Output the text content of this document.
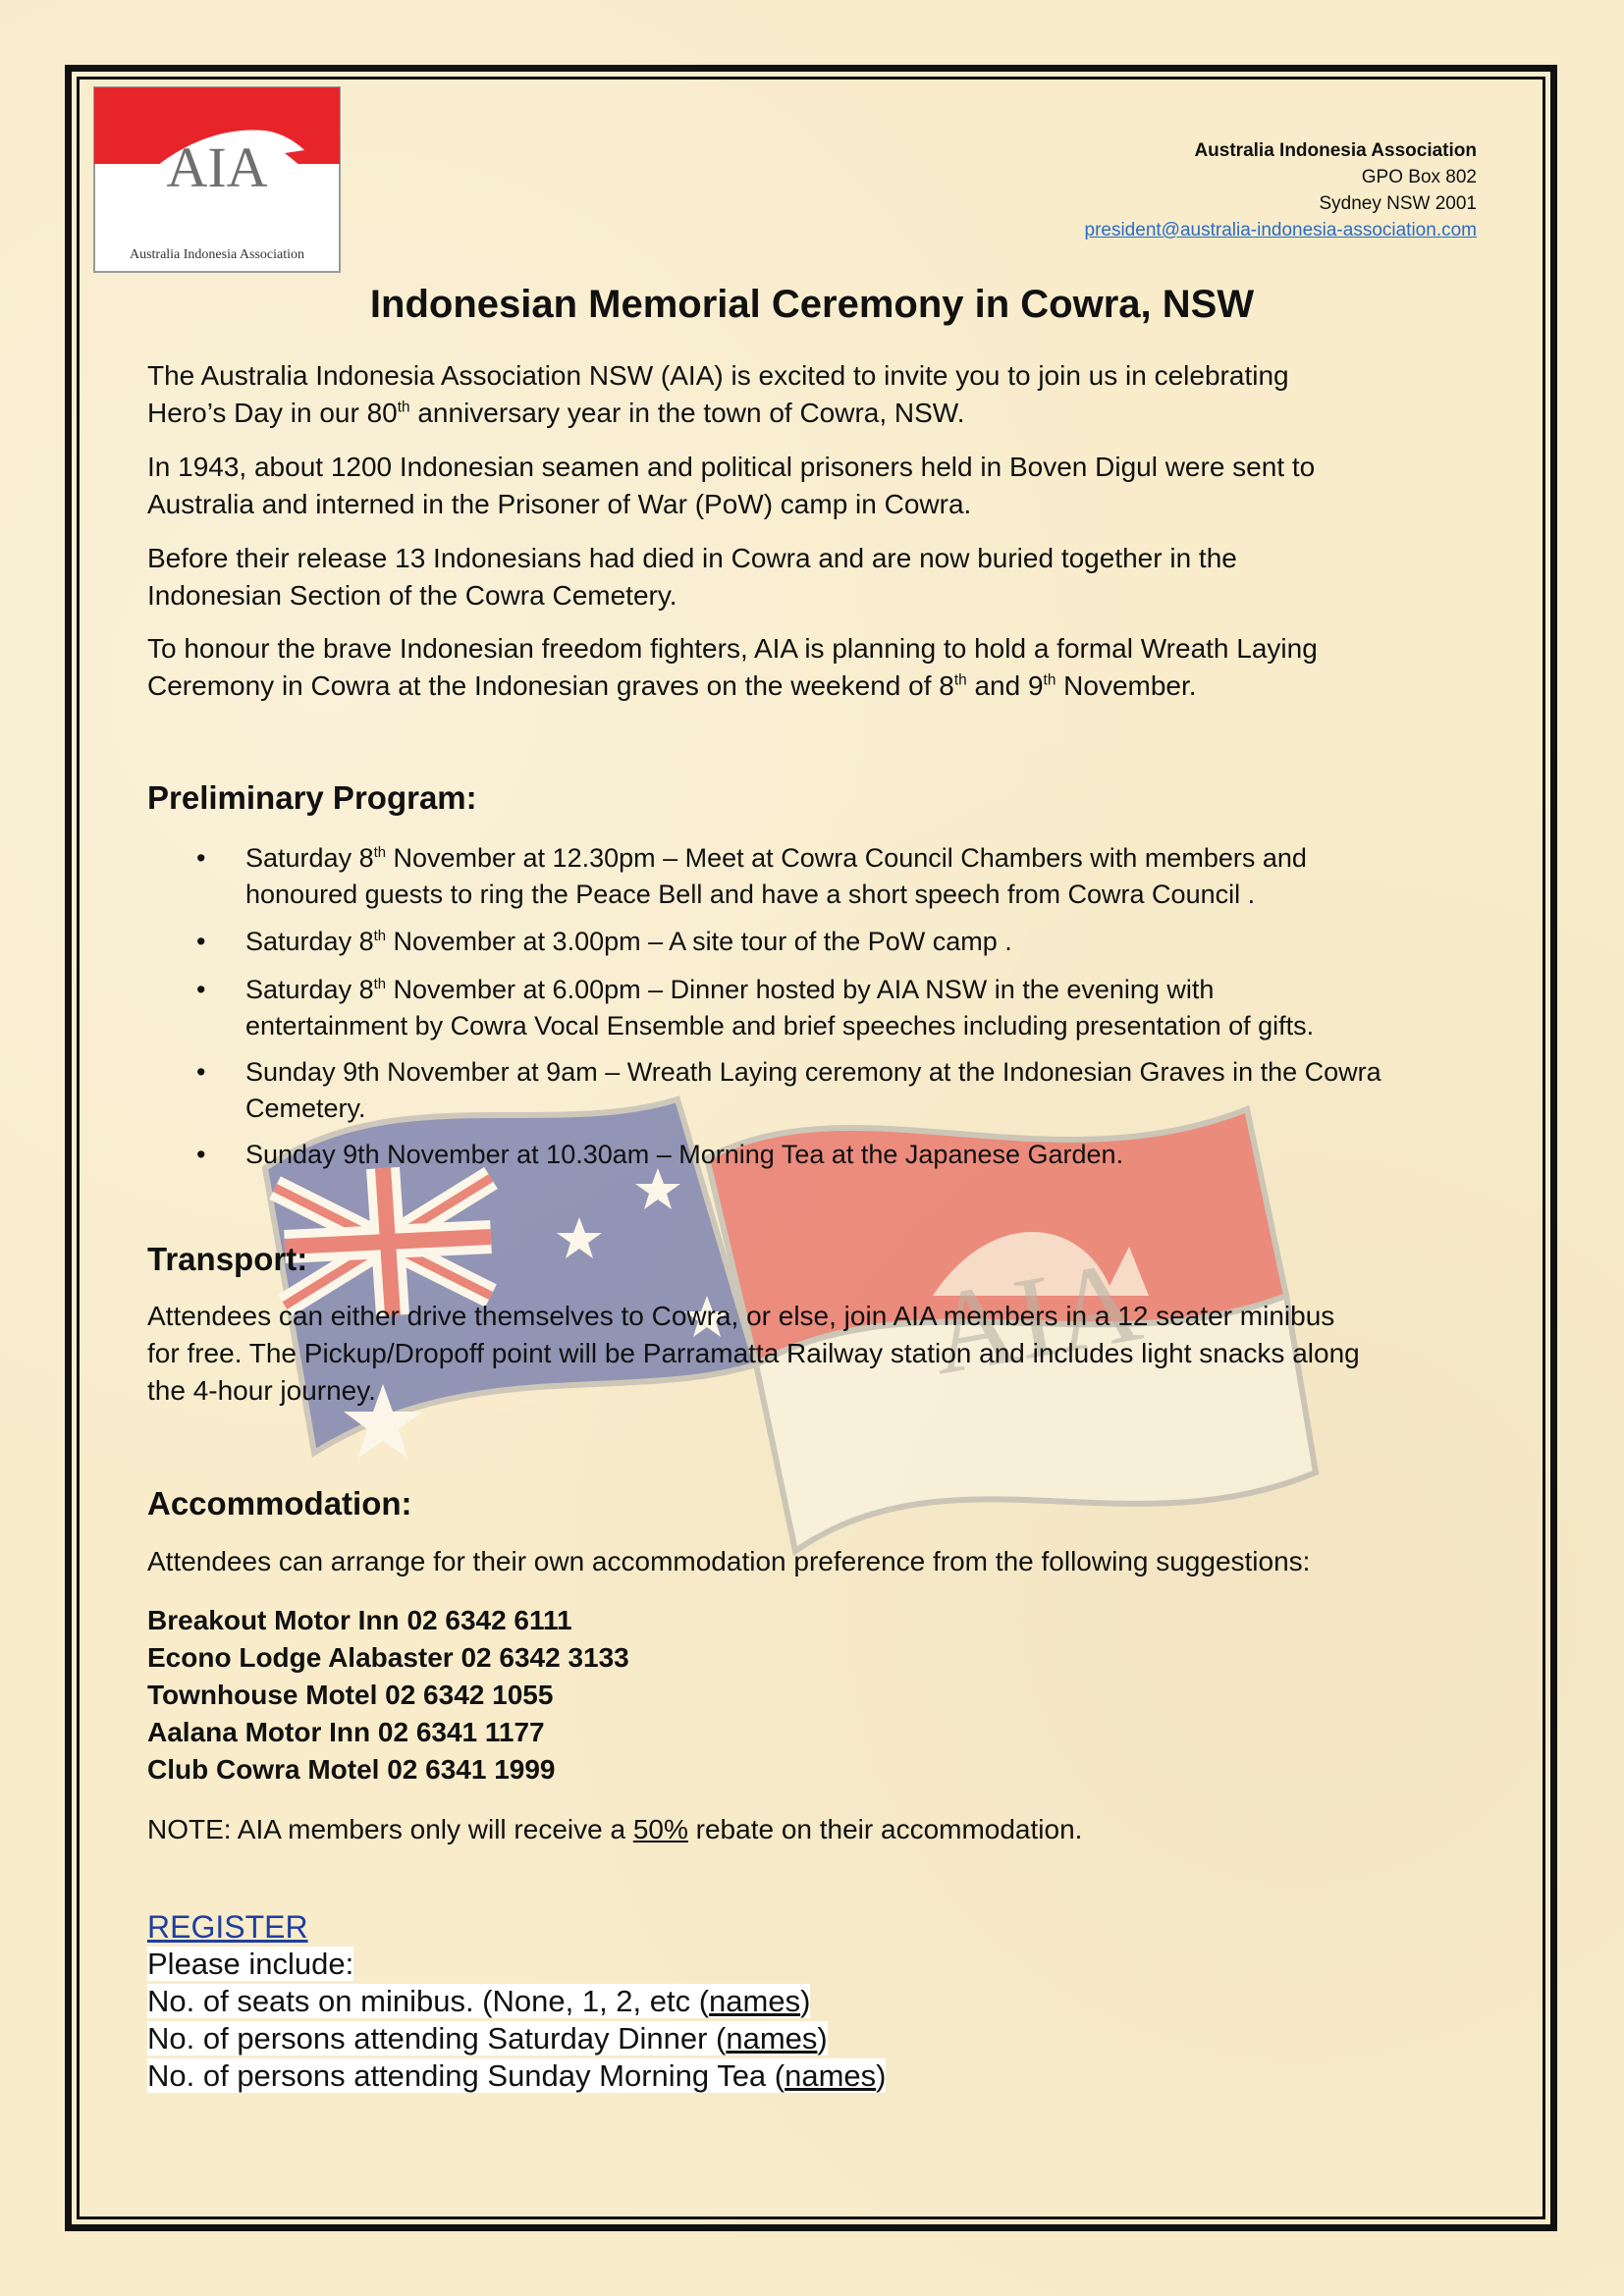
AIA
AIA
Australia Indonesia Association
Australia Indonesia Association
GPO Box 802
Sydney NSW 2001
president@australia-indonesia-association.com
Indonesian Memorial Ceremony in Cowra, NSW

The Australia Indonesia Association NSW (AIA) is excited to invite you to join us in celebrating

Hero’s Day in our 80th anniversary year in the town of Cowra, NSW.

In 1943, about 1200 Indonesian seamen and political prisoners held in Boven Digul were sent to

Australia and interned in the Prisoner of War (PoW) camp in Cowra.

Before their release 13 Indonesians had died in Cowra and are now buried together in the

Indonesian Section of the Cowra Cemetery.

To honour the brave Indonesian freedom fighters, AIA is planning to hold a formal Wreath Laying

Ceremony in Cowra at the Indonesian graves on the weekend of 8th and 9th November.

Preliminary Program:
• Saturday 8th November at 12.30pm – Meet at Cowra Council Chambers with members and
honoured guests to ring the Peace Bell and have a short speech from Cowra Council .
• Saturday 8th November at 3.00pm – A site tour of the PoW camp .
• Saturday 8th November at 6.00pm – Dinner hosted by AIA NSW in the evening with
entertainment by Cowra Vocal Ensemble and brief speeches including presentation of gifts.
• Sunday 9th November at 9am – Wreath Laying ceremony at the Indonesian Graves in the Cowra
Cemetery.
• Sunday 9th November at 10.30am – Morning Tea at the Japanese Garden.
Transport:

Attendees can either drive themselves to Cowra, or else, join AIA members in a 12 seater minibus

for free. The Pickup/Dropoff point will be Parramatta Railway station and includes light snacks along

the 4-hour journey.

Accommodation:

Attendees can arrange for their own accommodation preference from the following suggestions:

Breakout Motor Inn 02 6342 6111

Econo Lodge Alabaster 02 6342 3133

Townhouse Motel 02 6342 1055

Aalana Motor Inn 02 6341 1177

Club Cowra Motel 02 6341 1999

NOTE: AIA members only will receive a 50% rebate on their accommodation.

REGISTER

Please include:

No. of seats on minibus. (None, 1, 2, etc (names)

No. of persons attending Saturday Dinner (names)

No. of persons attending Sunday Morning Tea (names)
